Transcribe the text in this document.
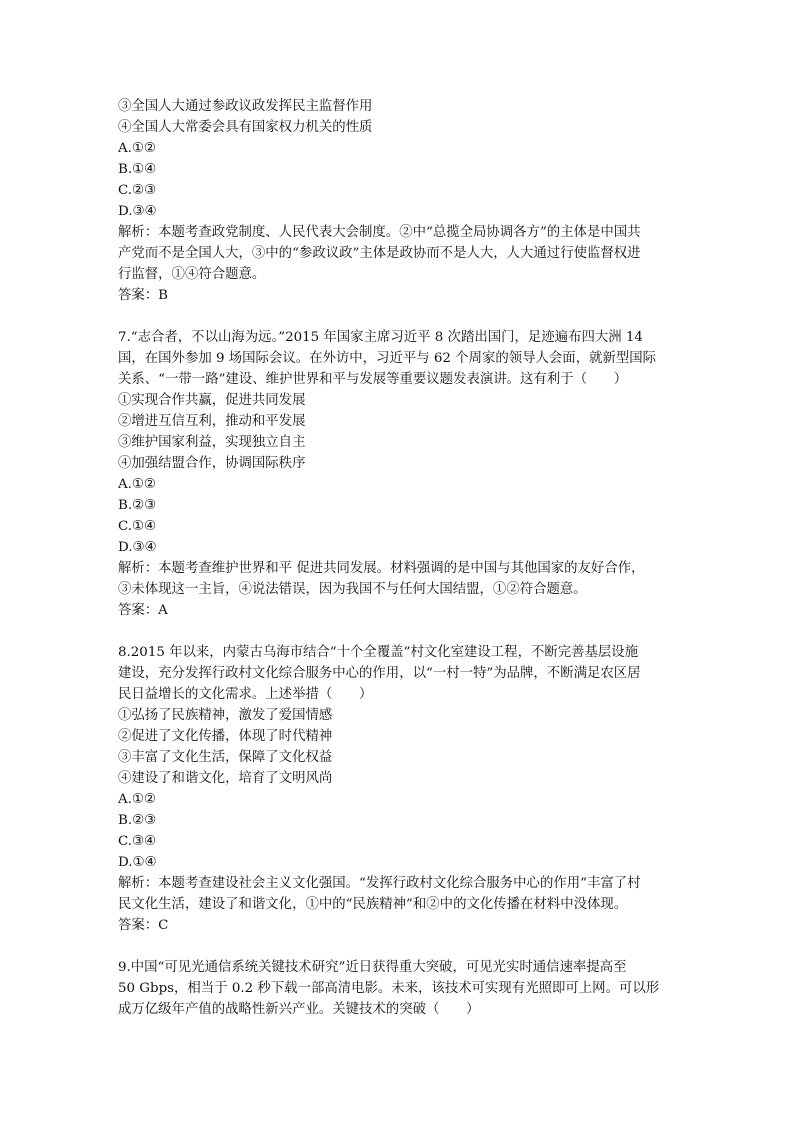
③全国人大通过参政议政发挥民主监督作用
④全国人大常委会具有国家权力机关的性质
A.①②
B.①④
C.②③
D.③④
解析：本题考查政党制度、人民代表大会制度。②中“总揽全局协调各方”的主体是中国共
产党而不是全国人大，③中的“参政议政”主体是政协而不是人大，人大通过行使监督权进
行监督，①④符合题意。
答案：B
7.“志合者，不以山海为远。”2015 年国家主席习近平 8 次踏出国门，足迹遍布四大洲 14
国，在国外参加 9 场国际会议。在外访中，习近平与 62 个周家的领导人会面，就新型国际
关系、“一带一路”建设、维护世界和平与发展等重要议题发表演讲。这有利于（　　）
①实现合作共赢，促进共同发展
②增进互信互利，推动和平发展
③维护国家利益，实现独立自主
④加强结盟合作，协调国际秩序
A.①②
B.②③
C.①④
D.③④
解析：本题考查维护世界和平 促进共同发展。材料强调的是中国与其他国家的友好合作，
③未体现这一主旨，④说法错误，因为我国不与任何大国结盟，①②符合题意。
答案：A
8.2015 年以来，内蒙古乌海市结合“十个全覆盖”村文化室建设工程，不断完善基层设施
建设，充分发挥行政村文化综合服务中心的作用，以“一村一特”为品牌，不断满足农区居
民日益增长的文化需求。上述举措（　　）
①弘扬了民族精神，激发了爱国情感
②促进了文化传播，体现了时代精神
③丰富了文化生活，保障了文化权益
④建设了和谐文化，培育了文明风尚
A.①②
B.②③
C.③④
D.①④
解析：本题考查建设社会主义文化强国。“发挥行政村文化综合服务中心的作用”丰富了村
民文化生活，建设了和谐文化，①中的“民族精神”和②中的文化传播在材料中没体现。
答案：C
9.中国“可见光通信系统关键技术研究”近日获得重大突破，可见光实时通信速率提高至
50 Gbps，相当于 0.2 秒下载一部高清电影。未来，该技术可实现有光照即可上网。可以形
成万亿级年产值的战略性新兴产业。关键技术的突破（　　）
